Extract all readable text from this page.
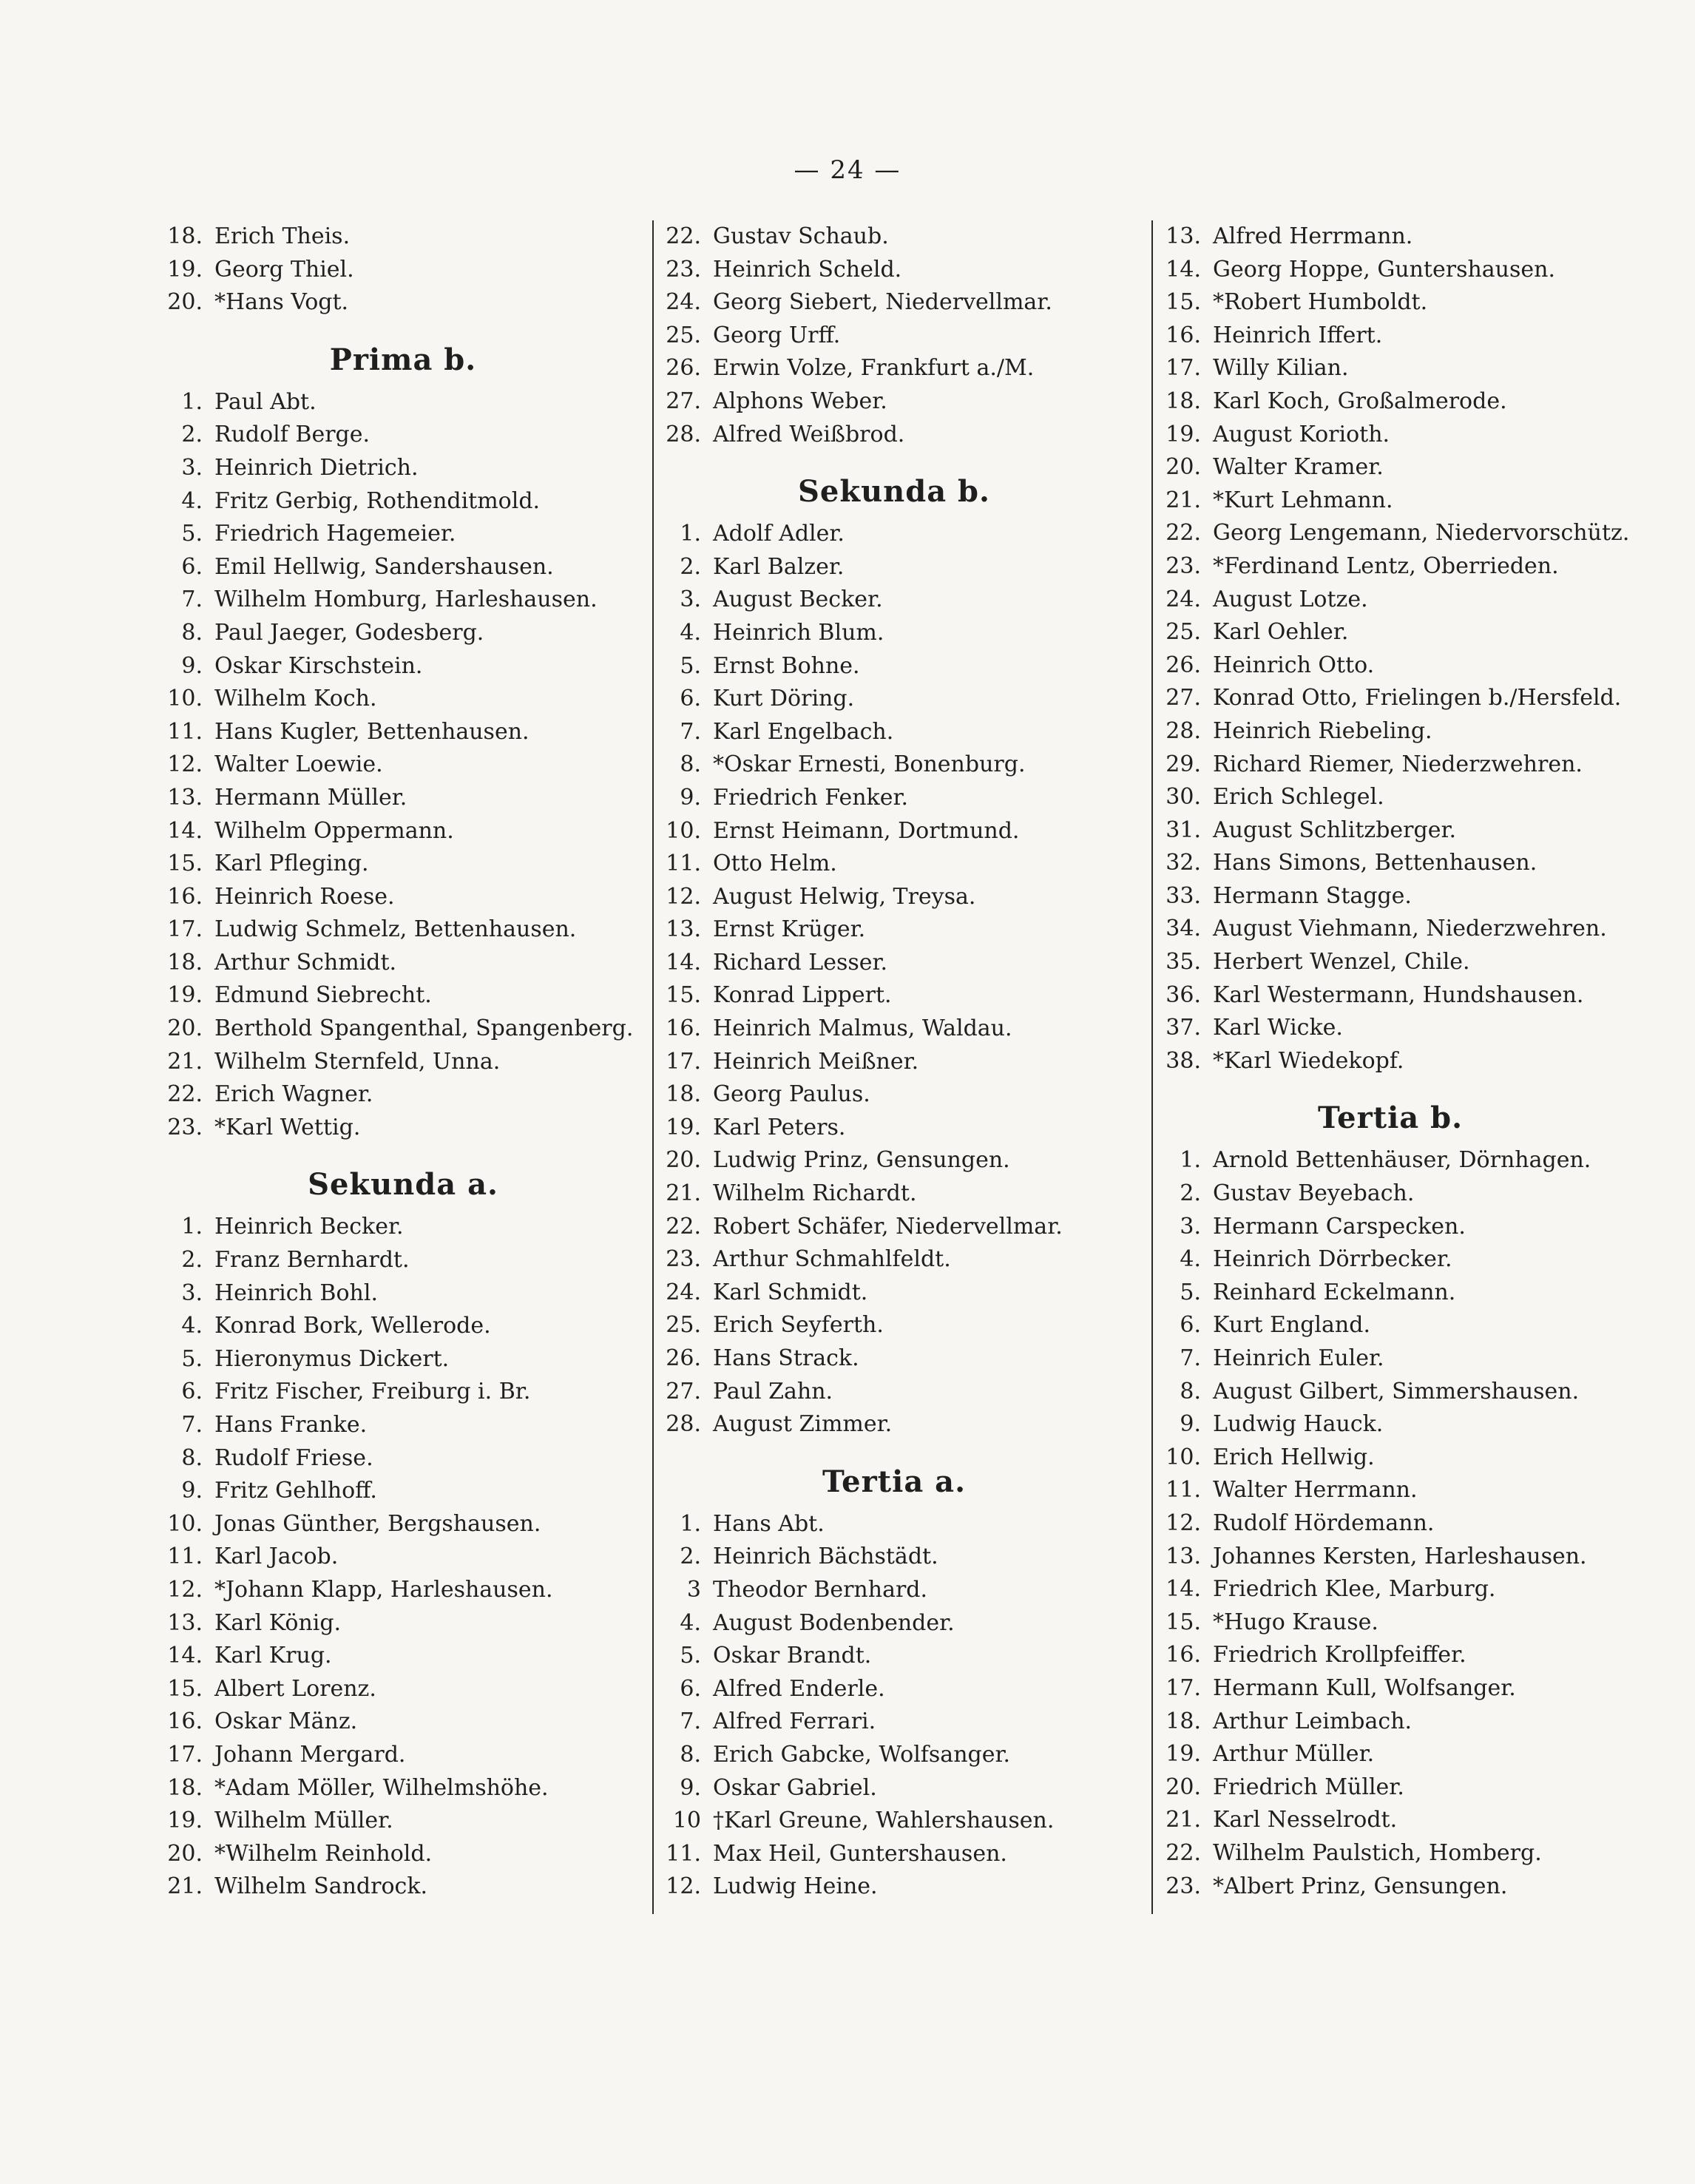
— 24 —
18. Erich Theis.
19. Georg Thiel.
20. *Hans Vogt.
Prima b.
1. Paul Abt.
2. Rudolf Berge.
3. Heinrich Dietrich.
4. Fritz Gerbig, Rothenditmold.
5. Friedrich Hagemeier.
6. Emil Hellwig, Sandershausen.
7. Wilhelm Homburg, Harleshausen.
8. Paul Jaeger, Godesberg.
9. Oskar Kirschstein.
10. Wilhelm Koch.
11. Hans Kugler, Bettenhausen.
12. Walter Loewie.
13. Hermann Müller.
14. Wilhelm Oppermann.
15. Karl Pfleging.
16. Heinrich Roese.
17. Ludwig Schmelz, Bettenhausen.
18. Arthur Schmidt.
19. Edmund Siebrecht.
20. Berthold Spangenthal, Spangenberg.
21. Wilhelm Sternfeld, Unna.
22. Erich Wagner.
23. *Karl Wettig.
Sekunda a.
1. Heinrich Becker.
2. Franz Bernhardt.
3. Heinrich Bohl.
4. Konrad Bork, Wellerode.
5. Hieronymus Dickert.
6. Fritz Fischer, Freiburg i. Br.
7. Hans Franke.
8. Rudolf Friese.
9. Fritz Gehlhoff.
10. Jonas Günther, Bergshausen.
11. Karl Jacob.
12. *Johann Klapp, Harleshausen.
13. Karl König.
14. Karl Krug.
15. Albert Lorenz.
16. Oskar Mänz.
17. Johann Mergard.
18. *Adam Möller, Wilhelmshöhe.
19. Wilhelm Müller.
20. *Wilhelm Reinhold.
21. Wilhelm Sandrock.
22. Gustav Schaub.
23. Heinrich Scheld.
24. Georg Siebert, Niedervellmar.
25. Georg Urff.
26. Erwin Volze, Frankfurt a./M.
27. Alphons Weber.
28. Alfred Weißbrod.
Sekunda b.
1. Adolf Adler.
2. Karl Balzer.
3. August Becker.
4. Heinrich Blum.
5. Ernst Bohne.
6. Kurt Döring.
7. Karl Engelbach.
8. *Oskar Ernesti, Bonenburg.
9. Friedrich Fenker.
10. Ernst Heimann, Dortmund.
11. Otto Helm.
12. August Helwig, Treysa.
13. Ernst Krüger.
14. Richard Lesser.
15. Konrad Lippert.
16. Heinrich Malmus, Waldau.
17. Heinrich Meißner.
18. Georg Paulus.
19. Karl Peters.
20. Ludwig Prinz, Gensungen.
21. Wilhelm Richardt.
22. Robert Schäfer, Niedervellmar.
23. Arthur Schmahlfeldt.
24. Karl Schmidt.
25. Erich Seyferth.
26. Hans Strack.
27. Paul Zahn.
28. August Zimmer.
Tertia a.
1. Hans Abt.
2. Heinrich Bächstädt.
3 Theodor Bernhard.
4. August Bodenbender.
5. Oskar Brandt.
6. Alfred Enderle.
7. Alfred Ferrari.
8. Erich Gabcke, Wolfsanger.
9. Oskar Gabriel.
10 †Karl Greune, Wahlershausen.
11. Max Heil, Guntershausen.
12. Ludwig Heine.
13. Alfred Herrmann.
14. Georg Hoppe, Guntershausen.
15. *Robert Humboldt.
16. Heinrich Iffert.
17. Willy Kilian.
18. Karl Koch, Großalmerode.
19. August Korioth.
20. Walter Kramer.
21. *Kurt Lehmann.
22. Georg Lengemann, Niedervorschütz.
23. *Ferdinand Lentz, Oberrieden.
24. August Lotze.
25. Karl Oehler.
26. Heinrich Otto.
27. Konrad Otto, Frielingen b./Hersfeld.
28. Heinrich Riebeling.
29. Richard Riemer, Niederzwehren.
30. Erich Schlegel.
31. August Schlitzberger.
32. Hans Simons, Bettenhausen.
33. Hermann Stagge.
34. August Viehmann, Niederzwehren.
35. Herbert Wenzel, Chile.
36. Karl Westermann, Hundshausen.
37. Karl Wicke.
38. *Karl Wiedekopf.
Tertia b.
1. Arnold Bettenhäuser, Dörnhagen.
2. Gustav Beyebach.
3. Hermann Carspecken.
4. Heinrich Dörrbecker.
5. Reinhard Eckelmann.
6. Kurt England.
7. Heinrich Euler.
8. August Gilbert, Simmershausen.
9. Ludwig Hauck.
10. Erich Hellwig.
11. Walter Herrmann.
12. Rudolf Hördemann.
13. Johannes Kersten, Harleshausen.
14. Friedrich Klee, Marburg.
15. *Hugo Krause.
16. Friedrich Krollpfeiffer.
17. Hermann Kull, Wolfsanger.
18. Arthur Leimbach.
19. Arthur Müller.
20. Friedrich Müller.
21. Karl Nesselrodt.
22. Wilhelm Paulstich, Homberg.
23. *Albert Prinz, Gensungen.
